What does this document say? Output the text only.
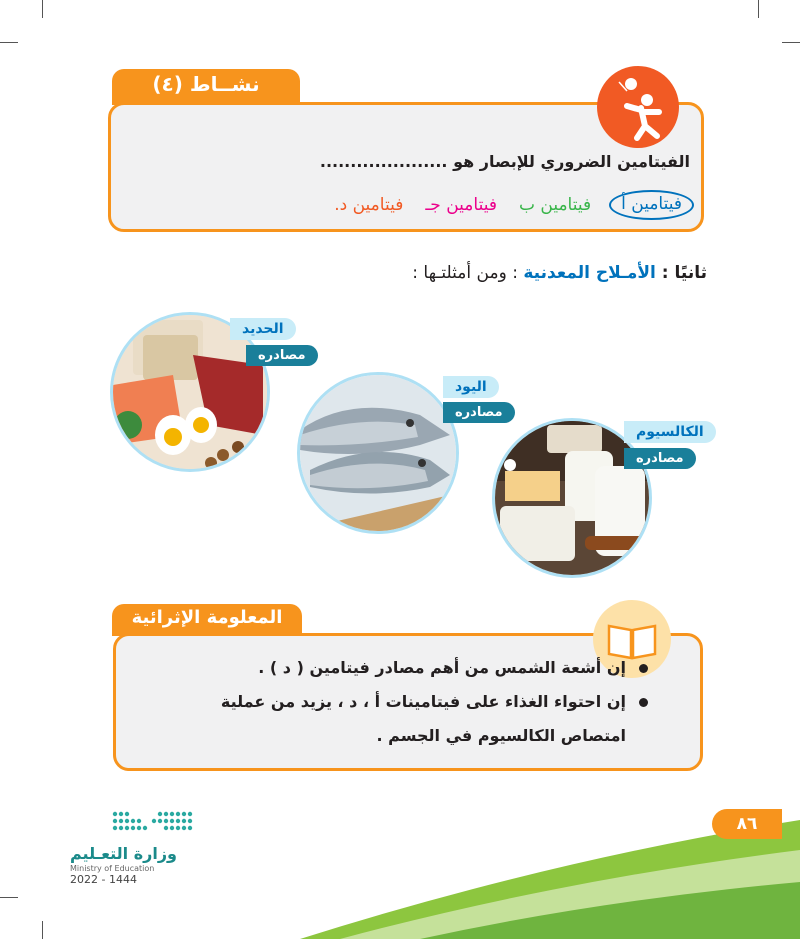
نشــاط (٤)
الفيتامين الضروري للإبصار هو .....................
فيتامين أ
فيتامين ب
فيتامين جـ
فيتامين د.
ثانيًا : الأمـلاح المعدنية : ومن أمثلتـها :
الحديد
مصادره
اليود
مصادره
الكالسيوم
مصادره
المعلومة الإثرائية
إن أشعة الشمس من أهم مصادر فيتامين ( د ) .
إن احتواء الغذاء على فيتامينات أ ، د ، يزيد من عملية امتصاص الكالسيوم في الجسم .
٨٦
وزارة التعـليم
Ministry of Education
2022 - 1444
